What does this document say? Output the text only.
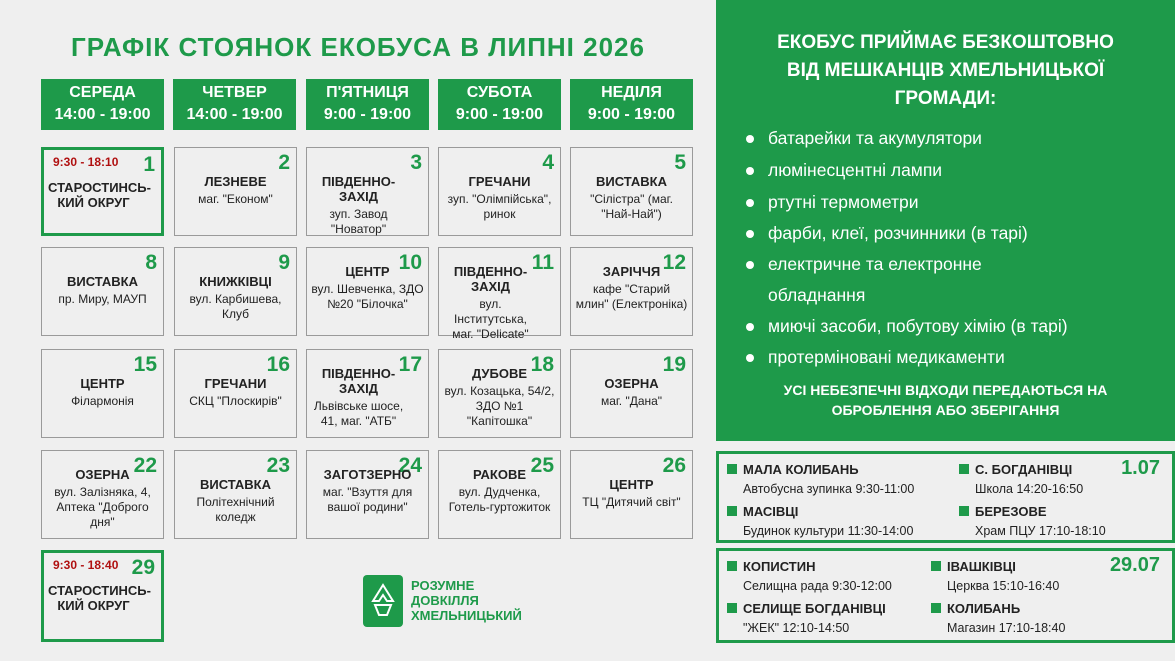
ГРАФІК СТОЯНОК ЕКОБУСА В ЛИПНІ 2026
СЕРЕДА
14:00 - 19:00
ЧЕТВЕР
14:00 - 19:00
П'ЯТНИЦЯ
9:00 - 19:00
СУБОТА
9:00 - 19:00
НЕДІЛЯ
9:00 - 19:00
1
9:30 - 18:10
СТАРОСТИНСЬ-КИЙ ОКРУГ
2
ЛЕЗНЕВЕ
маг. "Економ"
3
ПІВДЕННО-ЗАХІД
зуп. Завод "Новатор"
4
ГРЕЧАНИ
зуп. "Олімпійська", ринок
5
ВИСТАВКА
"Сілістра" (маг. "Най-Най")
8
ВИСТАВКА
пр. Миру, МАУП
9
КНИЖКІВЦІ
вул. Карбишева, Клуб
10
ЦЕНТР
вул. Шевченка, ЗДО №20 "Білочка"
11
ПІВДЕННО-ЗАХІД
вул. Інститутська, маг. "Delicate"
12
ЗАРІЧЧЯ
кафе "Старий млин" (Електроніка)
15
ЦЕНТР
Філармонія
16
ГРЕЧАНИ
СКЦ "Плоскирів"
17
ПІВДЕННО-ЗАХІД
Львівське шосе, 41, маг. "АТБ"
18
ДУБОВЕ
вул. Козацька, 54/2, ЗДО №1 "Капітошка"
19
ОЗЕРНА
маг. "Дана"
22
ОЗЕРНА
вул. Залізняка, 4, Аптека "Доброго дня"
23
ВИСТАВКА
Політехнічний коледж
24
ЗАГОТЗЕРНО
маг. "Взуття для вашої родини"
25
РАКОВЕ
вул. Дудченка, Готель-гуртожиток
26
ЦЕНТР
ТЦ "Дитячий світ"
29
9:30 - 18:40
СТАРОСТИНСЬ-КИЙ ОКРУГ
ЕКОБУС ПРИЙМАЄ БЕЗКОШТОВНО ВІД МЕШКАНЦІВ ХМЕЛЬНИЦЬКОЇ ГРОМАДИ:
батарейки та акумулятори
люмінесцентні лампи
ртутні термометри
фарби, клеї, розчинники (в тарі)
електричне та електронне
обладнання
миючі засоби, побутову хімію (в тарі)
протерміновані медикаменти
УСІ НЕБЕЗПЕЧНІ ВІДХОДИ ПЕРЕДАЮТЬСЯ НА ОБРОБЛЕННЯ АБО ЗБЕРІГАННЯ
1.07
МАЛА КОЛИБАНЬ
Автобусна зупинка 9:30-11:00
С. БОГДАНІВЦІ
Школа 14:20-16:50
МАСІВЦІ
Будинок культури 11:30-14:00
БЕРЕЗОВЕ
Храм ПЦУ 17:10-18:10
29.07
КОПИСТИН
Селищна рада 9:30-12:00
ІВАШКІВЦІ
Церква 15:10-16:40
СЕЛИЩЕ БОГДАНІВЦІ
"ЖЕК" 12:10-14:50
КОЛИБАНЬ
Магазин 17:10-18:40
РОЗУМНЕ
ДОВКІЛЛЯ
ХМЕЛЬНИЦЬКИЙ
